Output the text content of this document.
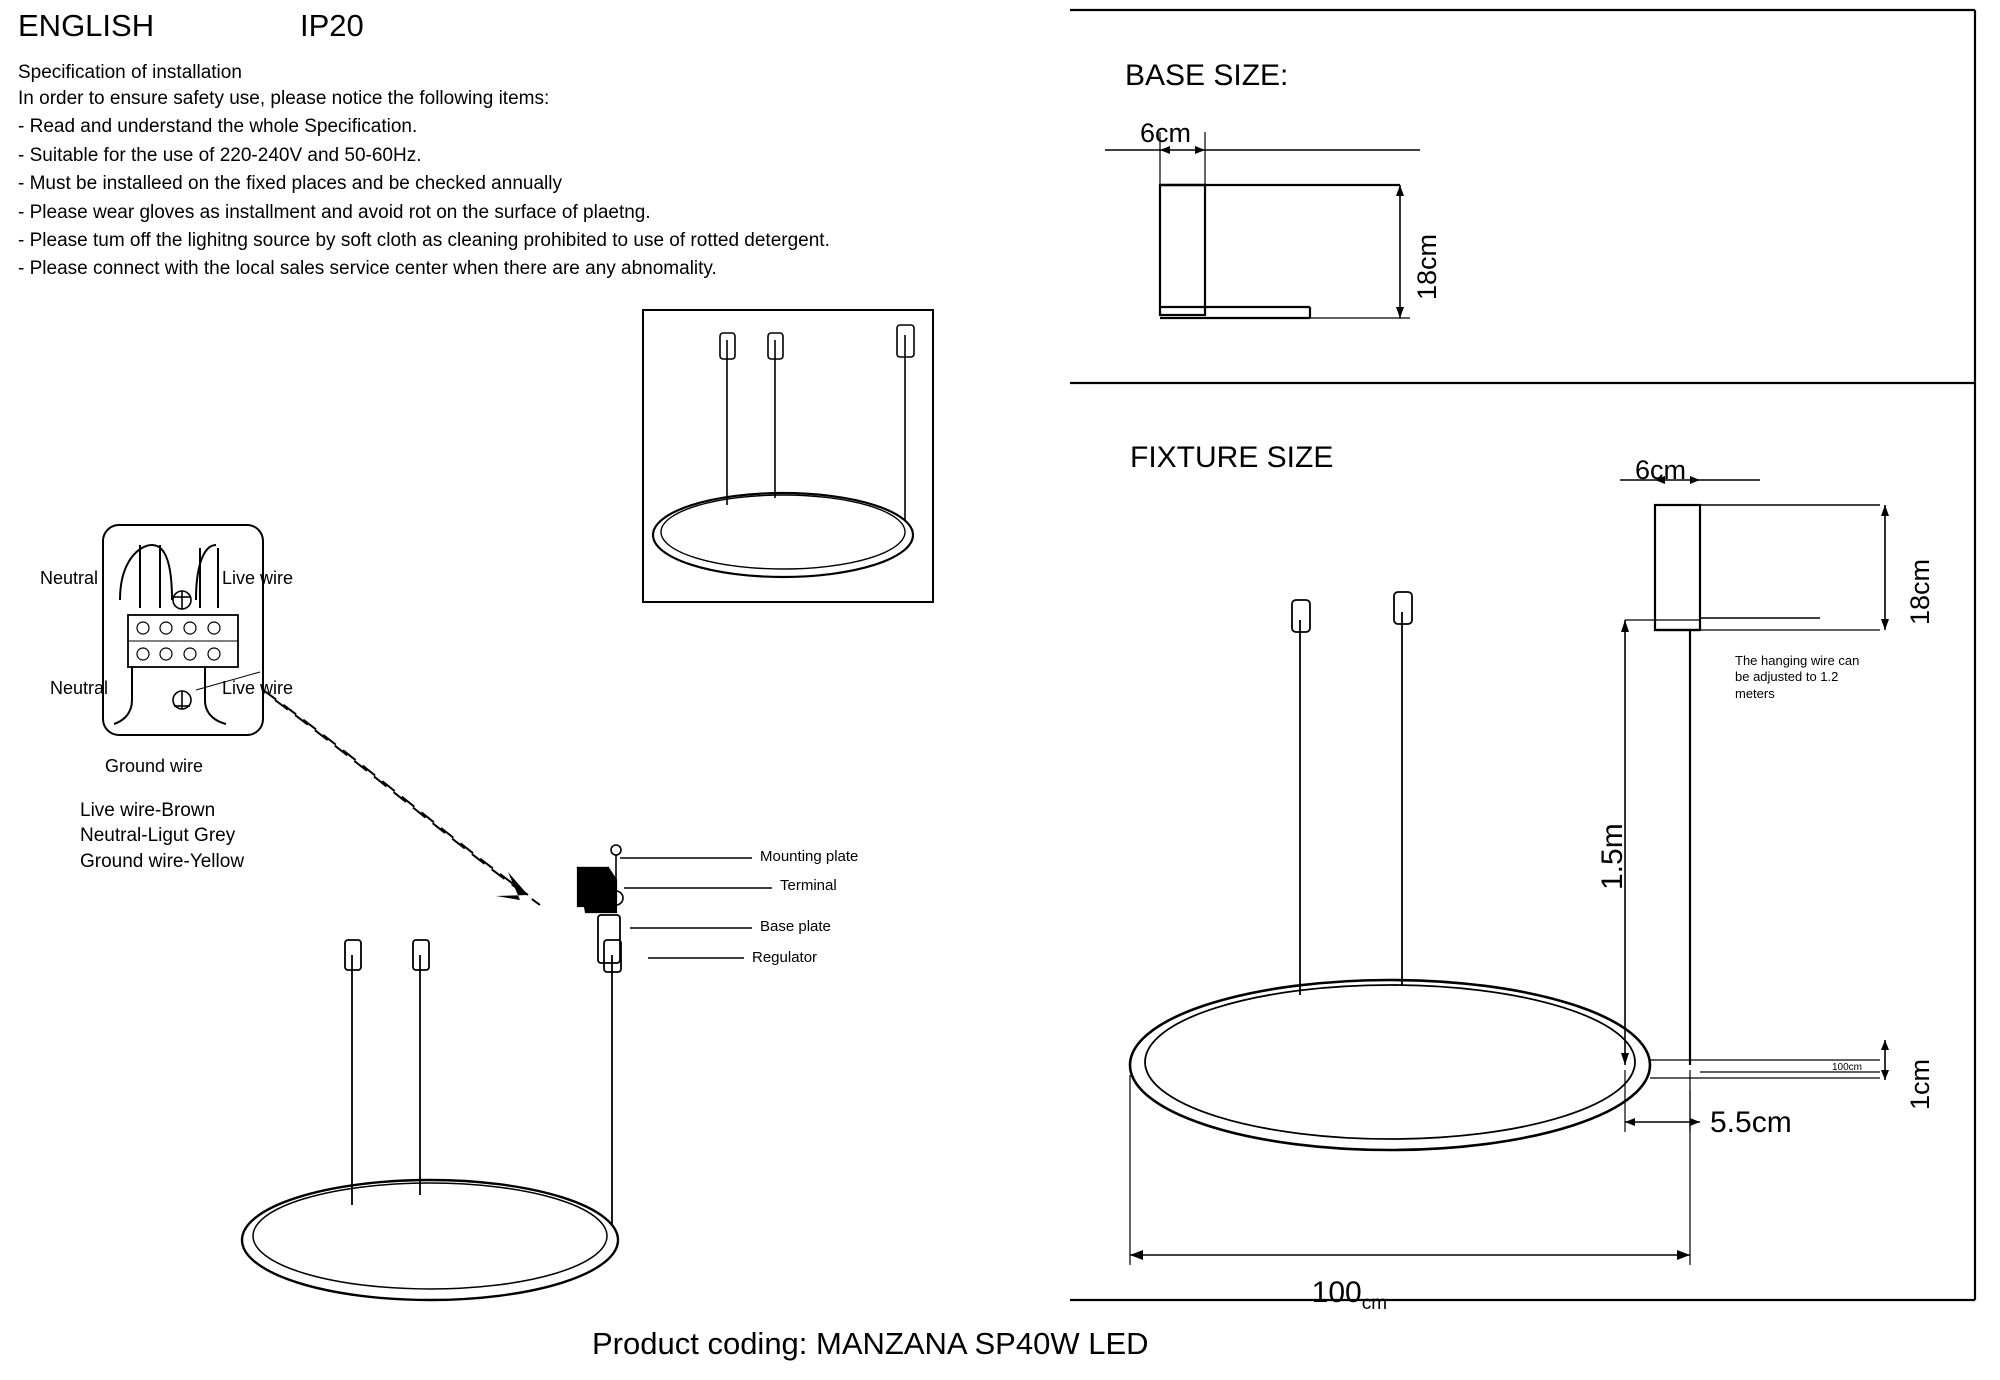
ENGLISH	IP20
Specification of installation
In order to ensure safety use, please notice the following items:
- Read and understand the whole Specification.
- Suitable for the use of 220-240V and 50-60Hz.
- Must be installeed on the fixed places and be checked annually
- Please wear gloves as installment and avoid rot on the surface of plaetng.
- Please tum off the lighitng source by soft cloth as cleaning prohibited to use of rotted detergent.
- Please connect with the local sales service center when there are any abnomality.
Neutral	Live wire
Neutral	Live wire
Ground wire
Live wire-Brown
Neutral-Ligut Grey
Ground wire-Yellow	Mounting plate
Terminal
Base plate
Regulator
BASE SIZE:
6cm
18cm
FIXTURE SIZE	6cm
18cm
1.5m
1cm
5.5cm
100cm

$100_{cm}$

The hanging wire can
be adjusted to 1.2
meters
Product coding: MANZANA SP40W LED
